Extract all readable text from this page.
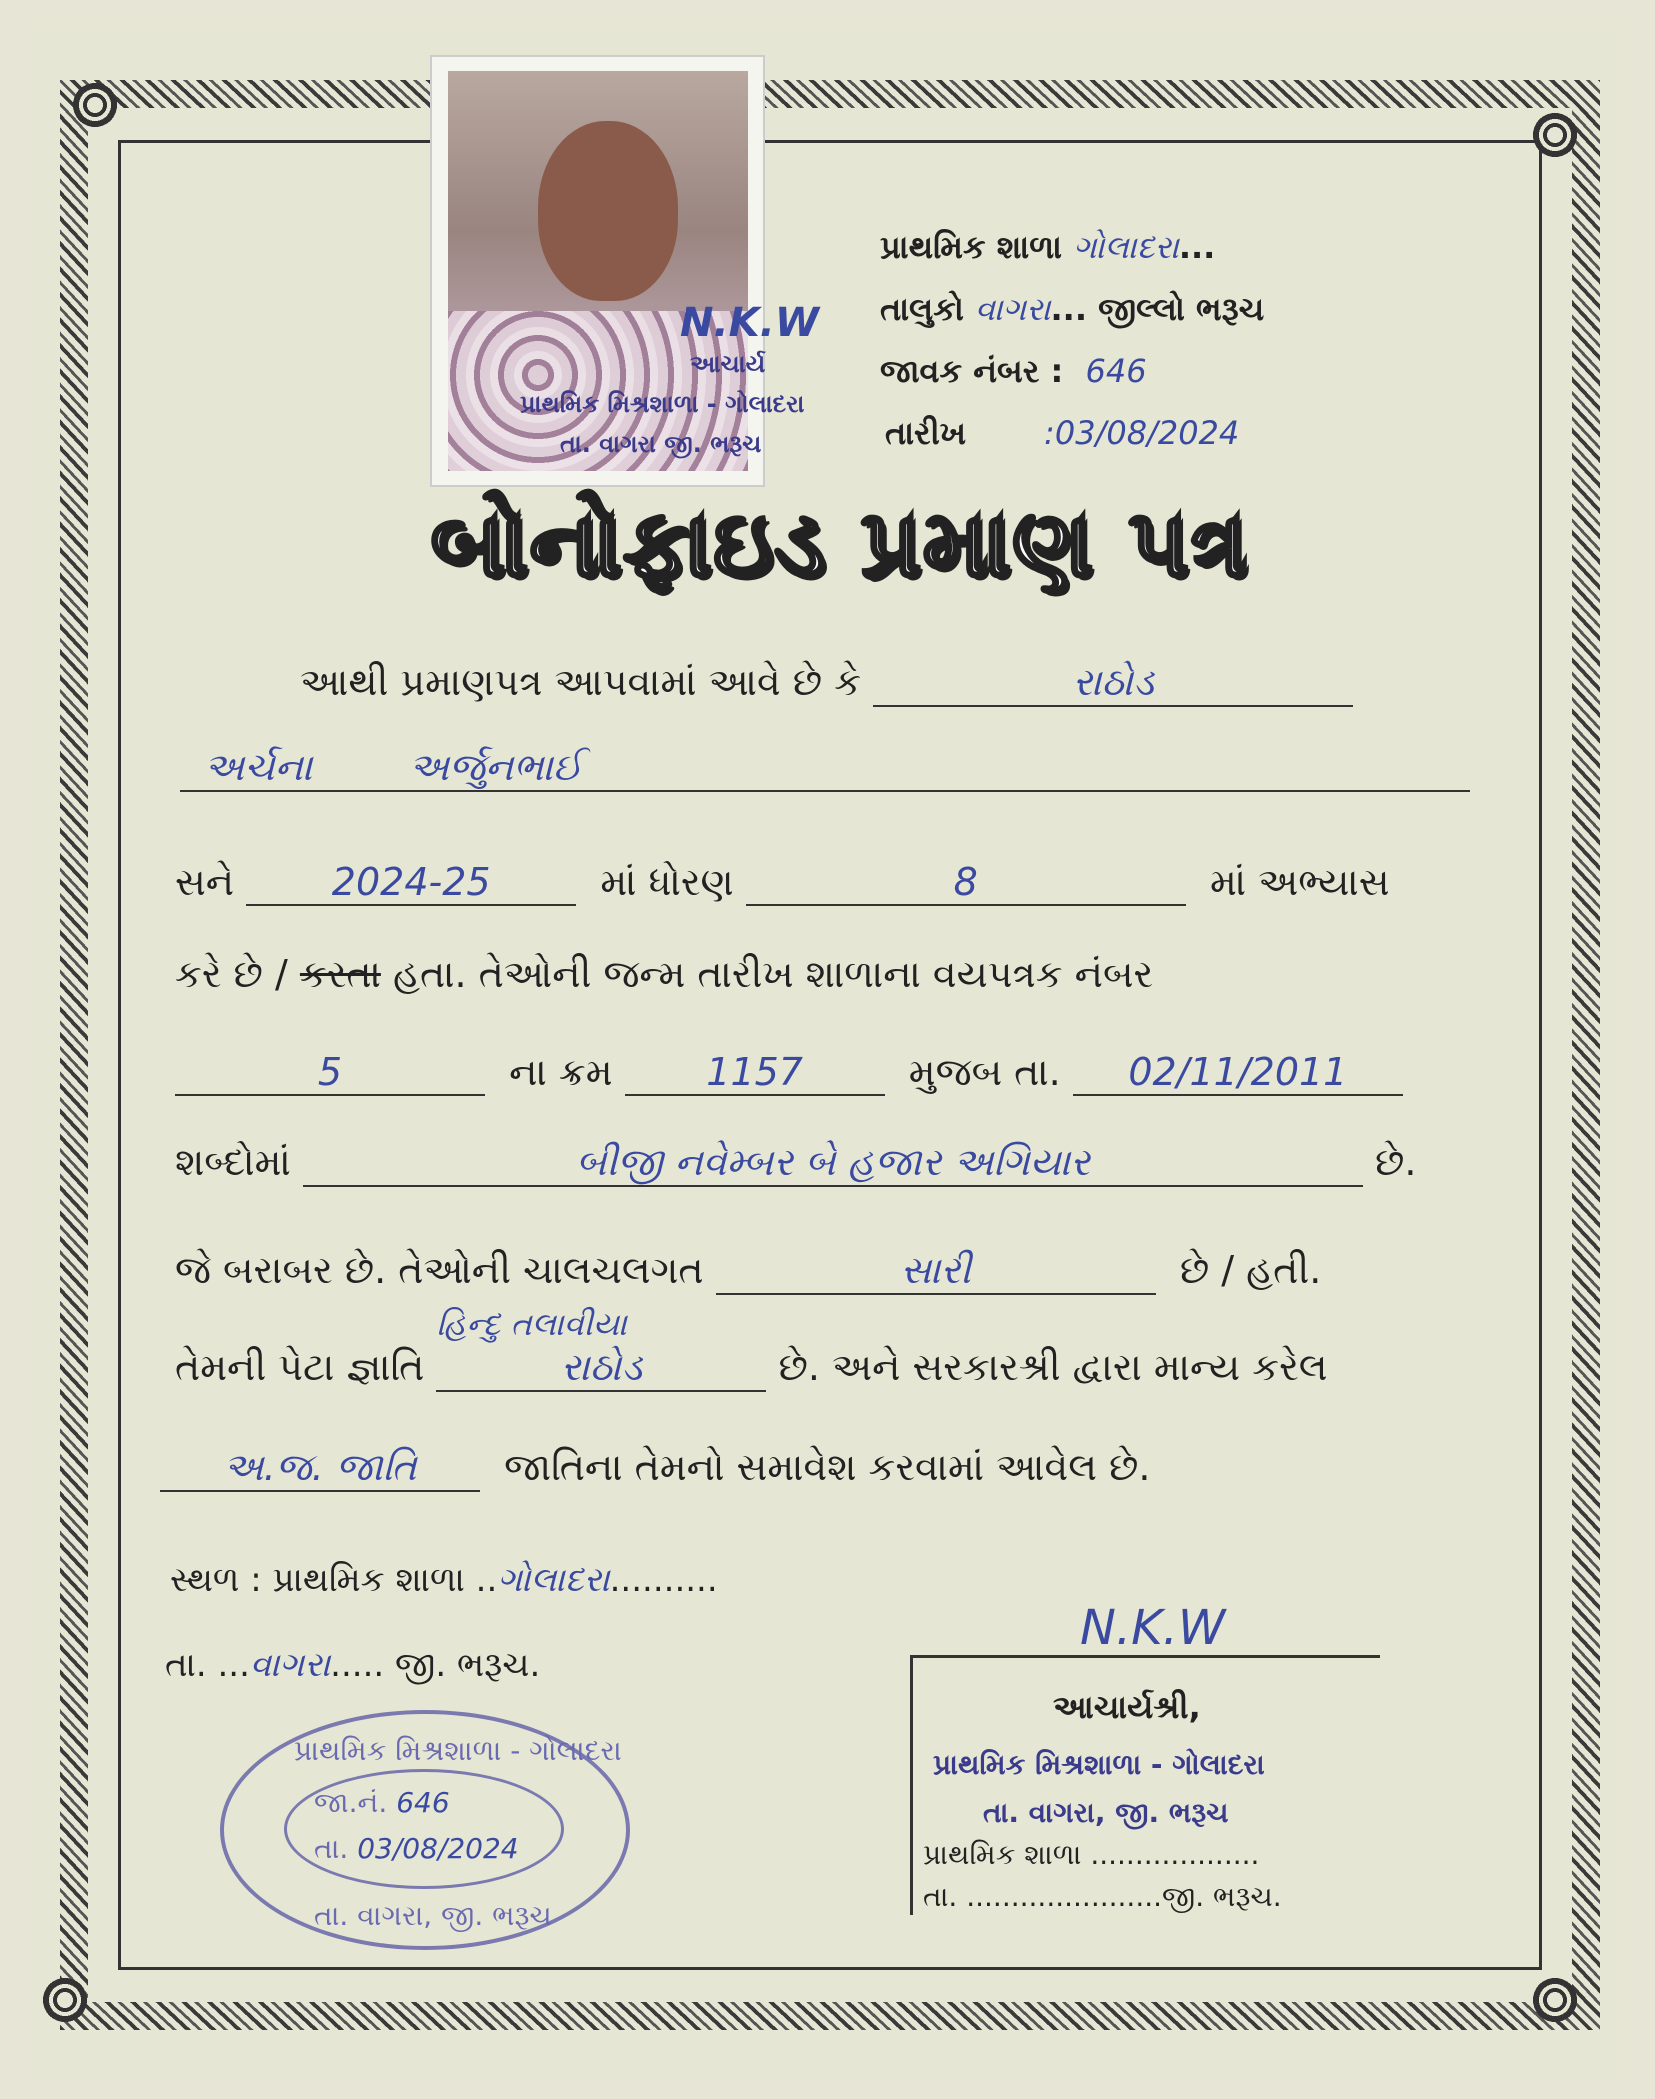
N.K.W
આચાર્ય
પ્રાથમિક મિશ્રશાળા - ગોલાદરા
તા. વાગરા જી. ભરૂચ
પ્રાથમિક શાળા ગોલાદરા...
તાલુકો વાગરા... જીલ્લો ભરૂચ
જાવક નંબર : 646
તારીખ :03/08/2024
બોનોફાઇડ પ્રમાણ પત્ર
આથી પ્રમાણપત્ર આપવામાં આવે છે કે	રાઠોડ
અર્ચના	અર્જુનભાઈ
સને	2024-25	માં ધોરણ	8	માં અભ્યાસ
કરે છે / કરતા હતા. તેઓની જન્મ તારીખ શાળાના વયપત્રક નંબર
5	ના ક્રમ 1157	મુજબ તા. 02/11/2011
શબ્દોમાં	બીજી નવેમ્બર બે હજાર અગિયાર	છે.
જે બરાબર છે. તેઓની ચાલચલગત	સારી	છે / હતી.
તેમની પેટા જ્ઞાતિ
હિન્દુ તલાવીયા
રાઠોડ	છે. અને સરકારશ્રી દ્વારા માન્ય કરેલ
અ.જ. જાતિ જાતિના તેમનો સમાવેશ કરવામાં આવેલ છે.
સ્થળ : પ્રાથમિક શાળા ..ગોલાદરા..........
તા. ...વાગરા..... જી. ભરૂચ.
પ્રાથમિક મિશ્રશાળા - ગોલાદરા
જા.નં. 646
તા. 03/08/2024
તા. વાગરા, જી. ભરૂચ
N.K.W
આચાર્યશ્રી,
પ્રાથમિક મિશ્રશાળા - ગોલાદરા
તા. વાગરા, જી. ભરૂચ
પ્રાથમિક શાળા ...................
તા. ......................જી. ભરૂચ.
